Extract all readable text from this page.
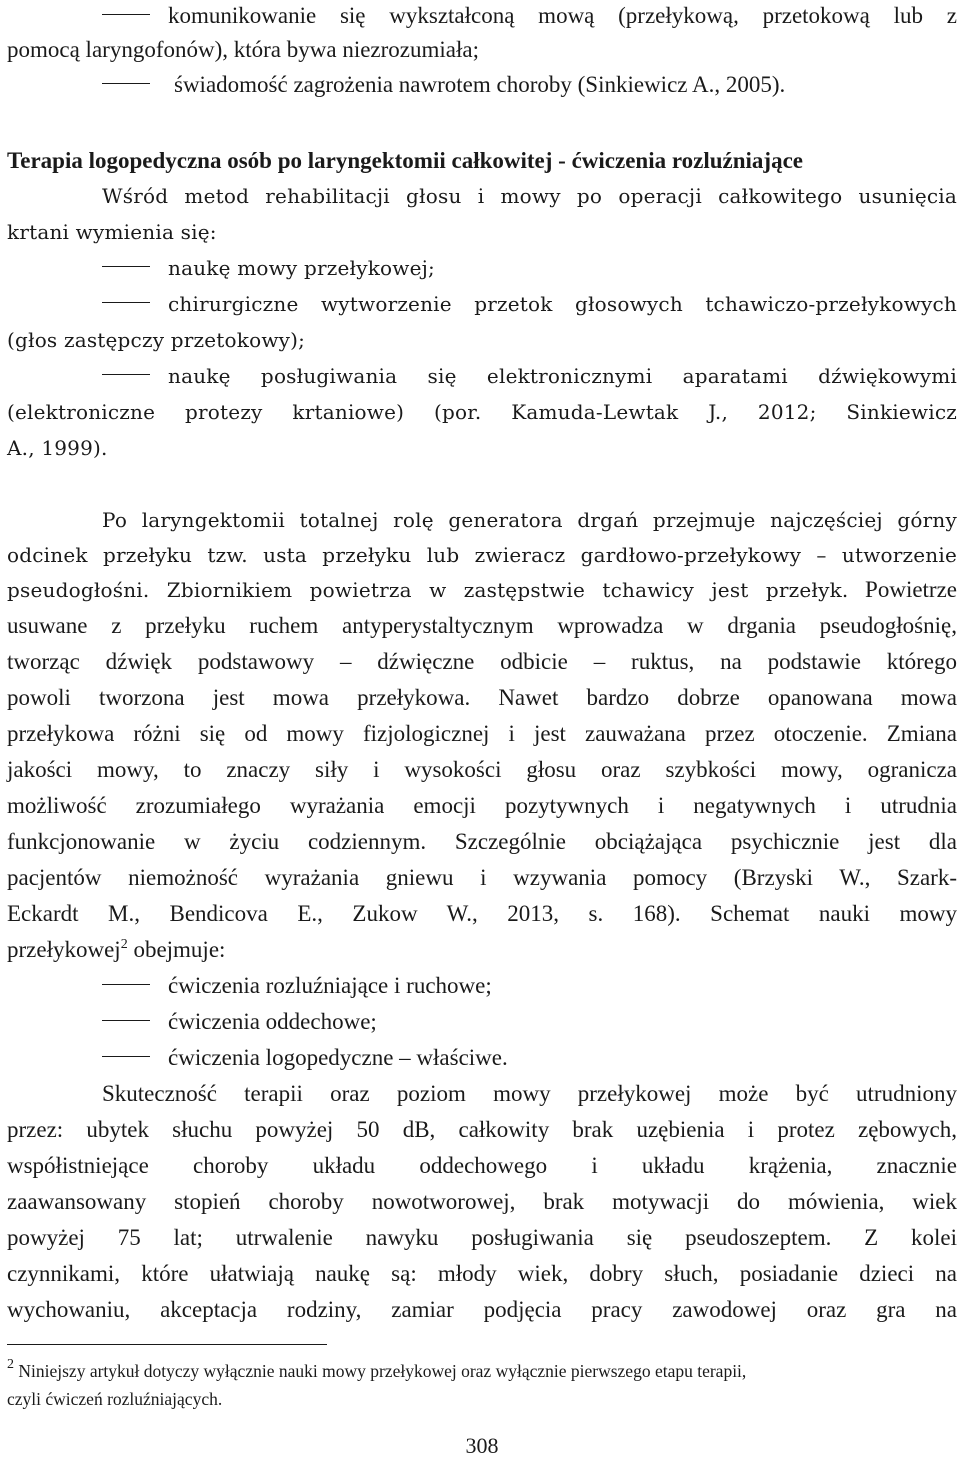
komunikowanie się wykształconą mową (przełykową, przetokową lub z
pomocą laryngofonów), która bywa niezrozumiała;
świadomość zagrożenia nawrotem choroby (Sinkiewicz A., 2005).
Terapia logopedyczna osób po laryngektomii całkowitej - ćwiczenia rozluźniające
Wśród metod rehabilitacji głosu i mowy po operacji całkowitego usunięcia
krtani wymienia się:
naukę mowy przełykowej;
chirurgiczne wytworzenie przetok głosowych tchawiczo-przełykowych
(głos zastępczy przetokowy);
naukę posługiwania się elektronicznymi aparatami dźwiękowymi
(elektroniczne protezy krtaniowe) (por. Kamuda-Lewtak J., 2012; Sinkiewicz
A., 1999).
Po laryngektomii totalnej rolę generatora drgań przejmuje najczęściej górny
odcinek przełyku tzw. usta przełyku lub zwieracz gardłowo-przełykowy – utworzenie
pseudogłośni. Zbiornikiem powietrza w zastępstwie tchawicy jest przełyk. Powietrze
usuwane z przełyku ruchem antyperystaltycznym wprowadza w drgania pseudogłośnię,
tworząc dźwięk podstawowy – dźwięczne odbicie – ruktus, na podstawie którego
powoli tworzona jest mowa przełykowa. Nawet bardzo dobrze opanowana mowa
przełykowa różni się od mowy fizjologicznej i jest zauważana przez otoczenie. Zmiana
jakości mowy, to znaczy siły i wysokości głosu oraz szybkości mowy, ogranicza
możliwość zrozumiałego wyrażania emocji pozytywnych i negatywnych i utrudnia
funkcjonowanie w życiu codziennym. Szczególnie obciążająca psychicznie jest dla
pacjentów niemożność wyrażania gniewu i wzywania pomocy (Brzyski W., Szark-
Eckardt M., Bendicova E., Zukow W., 2013, s. 168). Schemat nauki mowy
przełykowej$^2$ obejmuje:
ćwiczenia rozluźniające i ruchowe;
ćwiczenia oddechowe;
ćwiczenia logopedyczne – właściwe.
Skuteczność terapii oraz poziom mowy przełykowej może być utrudniony
przez: ubytek słuchu powyżej 50 dB, całkowity brak uzębienia i protez zębowych,
współistniejące choroby układu oddechowego i układu krążenia, znacznie
zaawansowany stopień choroby nowotworowej, brak motywacji do mówienia, wiek
powyżej 75 lat; utrwalenie nawyku posługiwania się pseudoszeptem. Z kolei
czynnikami, które ułatwiają naukę są: młody wiek, dobry słuch, posiadanie dzieci na
wychowaniu, akceptacja rodziny, zamiar podjęcia pracy zawodowej oraz gra na
$^2$ Niniejszy artykuł dotyczy wyłącznie nauki mowy przełykowej oraz wyłącznie pierwszego etapu terapii,
czyli ćwiczeń rozluźniających.
308
